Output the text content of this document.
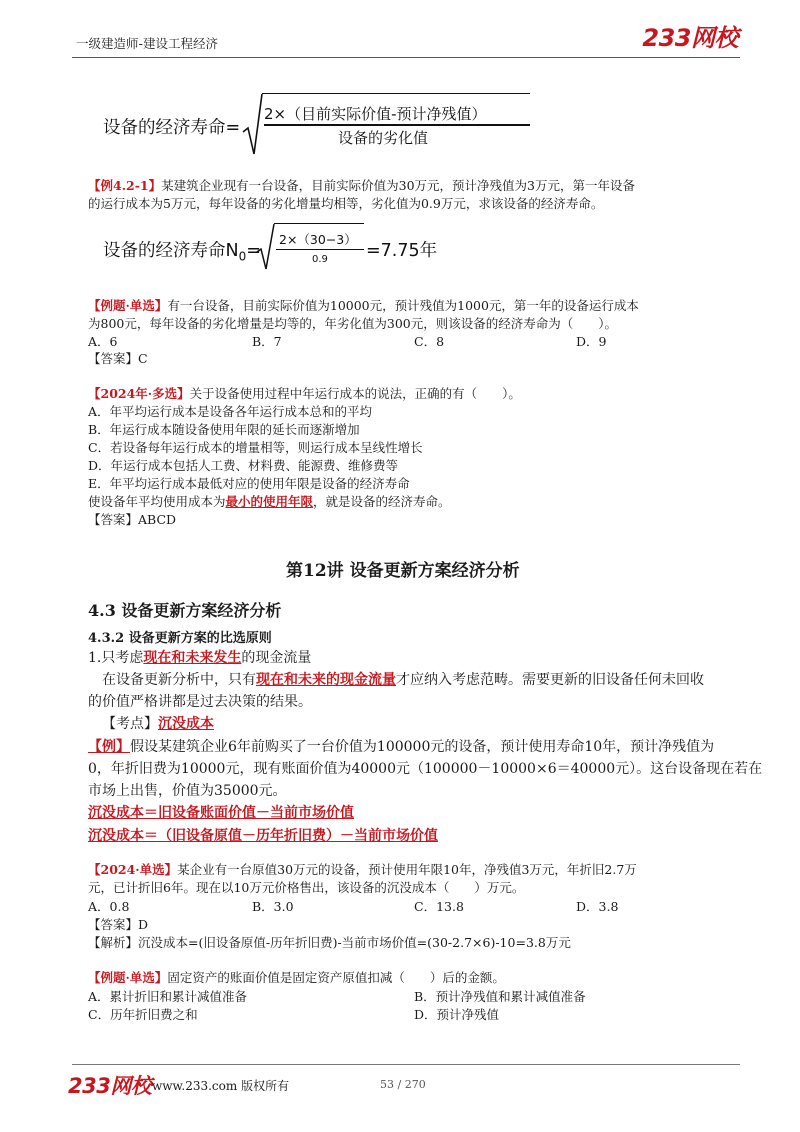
一级建造师-建设工程经济	233网校
设备的经济寿命=
2×（目前实际价值-预计净残值）
设备的劣化值
【例4.2-1】某建筑企业现有一台设备，目前实际价值为30万元，预计净残值为3万元，第一年设备
的运行成本为5万元，每年设备的劣化增量均相等，劣化值为0.9万元，求该设备的经济寿命。
设备的经济寿命$N_0=$
2×（30−3）
0.9 =7.75年
【例题·单选】有一台设备，目前实际价值为10000元，预计残值为1000元，第一年的设备运行成本
为800元，每年设备的劣化增量是均等的，年劣化值为300元，则该设备的经济寿命为（　　）。
A．6	B．7	C．8	D．9
【答案】C
【2024年·多选】关于设备使用过程中年运行成本的说法，正确的有（　　）。
A．年平均运行成本是设备各年运行成本总和的平均
B．年运行成本随设备使用年限的延长而逐渐增加
C．若设备每年运行成本的增量相等，则运行成本呈线性增长
D．年运行成本包括人工费、材料费、能源费、维修费等
E．年平均运行成本最低对应的使用年限是设备的经济寿命
使设备年平均使用成本为最小的使用年限，就是设备的经济寿命。
【答案】ABCD
第12讲 设备更新方案经济分析
4.3 设备更新方案经济分析
4.3.2 设备更新方案的比选原则
1.只考虑现在和未来发生的现金流量
在设备更新分析中，只有现在和未来的现金流量才应纳入考虑范畴。需要更新的旧设备任何未回收
的价值严格讲都是过去决策的结果。
【考点】沉没成本
【例】假设某建筑企业6年前购买了一台价值为100000元的设备，预计使用寿命10年，预计净残值为
0，年折旧费为10000元，现有账面价值为40000元（100000－10000×6＝40000元）。这台设备现在若在
市场上出售，价值为35000元。
沉没成本＝旧设备账面价值－当前市场价值
沉没成本＝（旧设备原值－历年折旧费）－当前市场价值
【2024·单选】某企业有一台原值30万元的设备，预计使用年限10年，净残值3万元，年折旧2.7万
元，已计折旧6年。现在以10万元价格售出，该设备的沉没成本（　　）万元。
A．0.8	B．3.0	C．13.8	D．3.8
【答案】D
【解析】沉没成本=(旧设备原值-历年折旧费)-当前市场价值=(30-2.7×6)-10=3.8万元
【例题·单选】固定资产的账面价值是固定资产原值扣减（　　）后的金额。
A．累计折旧和累计减值准备	B．预计净残值和累计减值准备
C．历年折旧费之和	D．预计净残值
233网校 www.233.com 版权所有	53 / 270
